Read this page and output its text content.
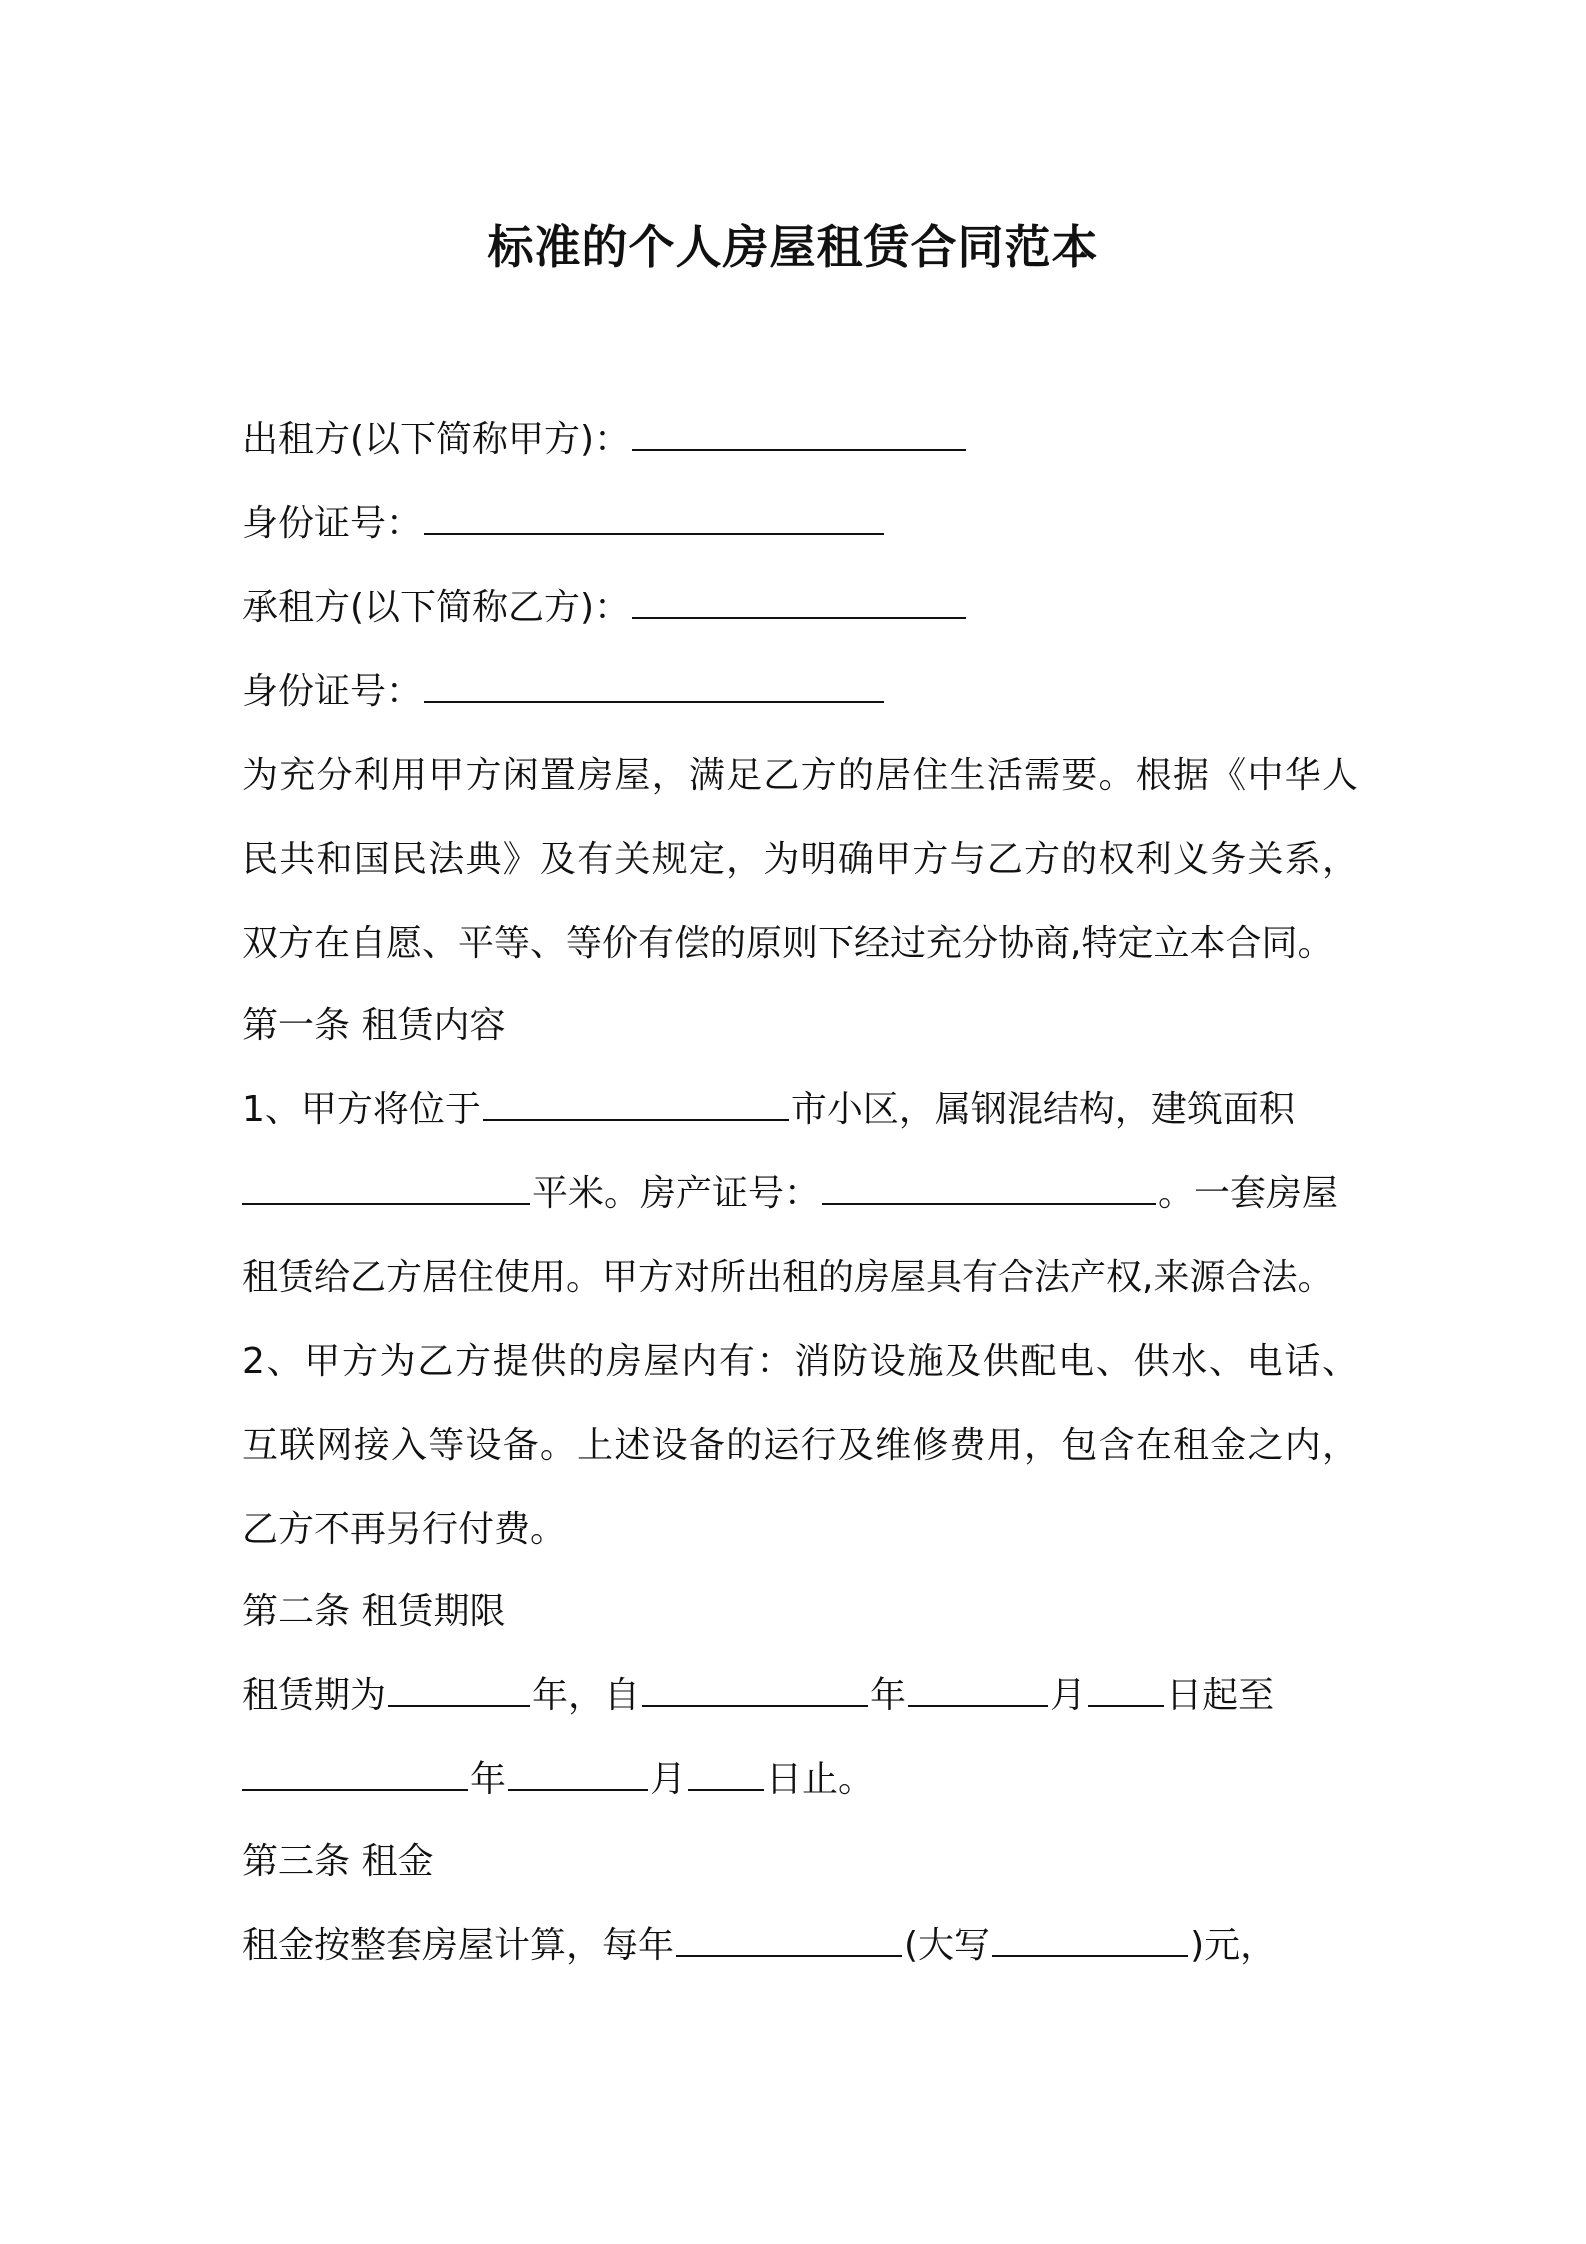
标准的个人房屋租赁合同范本
出租方(以下简称甲方)：
身份证号：
承租方(以下简称乙方)：
身份证号：
为充分利用甲方闲置房屋，满足乙方的居住生活需要。根据《中华人
民共和国民法典》及有关规定，为明确甲方与乙方的权利义务关系，
双方在自愿、平等、等价有偿的原则下经过充分协商,特定立本合同。
第一条 租赁内容
1、甲方将位于	市小区，属钢混结构，建筑面积
平米。房产证号：	。一套房屋
租赁给乙方居住使用。甲方对所出租的房屋具有合法产权,来源合法。
2、甲方为乙方提供的房屋内有：消防设施及供配电、供水、电话、
互联网接入等设备。上述设备的运行及维修费用，包含在租金之内，
乙方不再另行付费。
第二条 租赁期限
租赁期为	年，自	年	月 日起至
年	月 日止。
第三条 租金
租金按整套房屋计算，每年	(大写	)元，
